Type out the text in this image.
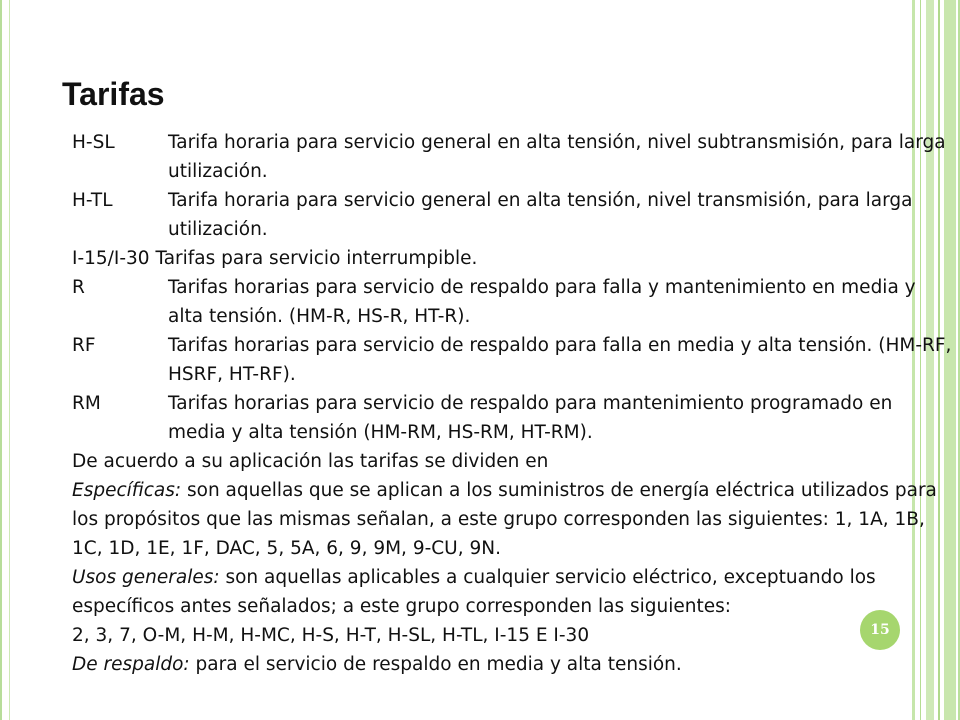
Tarifas
H-SL	Tarifa horaria para servicio general en alta tensión, nivel subtransmisión, para larga utilización.
H-TL	Tarifa horaria para servicio general en alta tensión, nivel transmisión, para larga utilización.
I-15/I-30 Tarifas para servicio interrumpible.
R	Tarifas horarias para servicio de respaldo para falla y mantenimiento en media y alta tensión. (HM-R, HS-R, HT-R).
RF	Tarifas horarias para servicio de respaldo para falla en media y alta tensión. (HM-RF, HSRF, HT-RF).
RM	Tarifas horarias para servicio de respaldo para mantenimiento programado en media y alta tensión (HM-RM, HS-RM, HT-RM).
De acuerdo a su aplicación las tarifas se dividen en
Específicas: son aquellas que se aplican a los suministros de energía eléctrica utilizados para los propósitos que las mismas señalan, a este grupo corresponden las siguientes: 1, 1A, 1B, 1C, 1D, 1E, 1F, DAC, 5, 5A, 6, 9, 9M, 9-CU, 9N.
Usos generales: son aquellas aplicables a cualquier servicio eléctrico, exceptuando los específicos antes señalados; a este grupo corresponden las siguientes:
2, 3, 7, O-M, H-M, H-MC, H-S, H-T, H-SL, H-TL, I-15 E I-30
De respaldo: para el servicio de respaldo en media y alta tensión.
15
